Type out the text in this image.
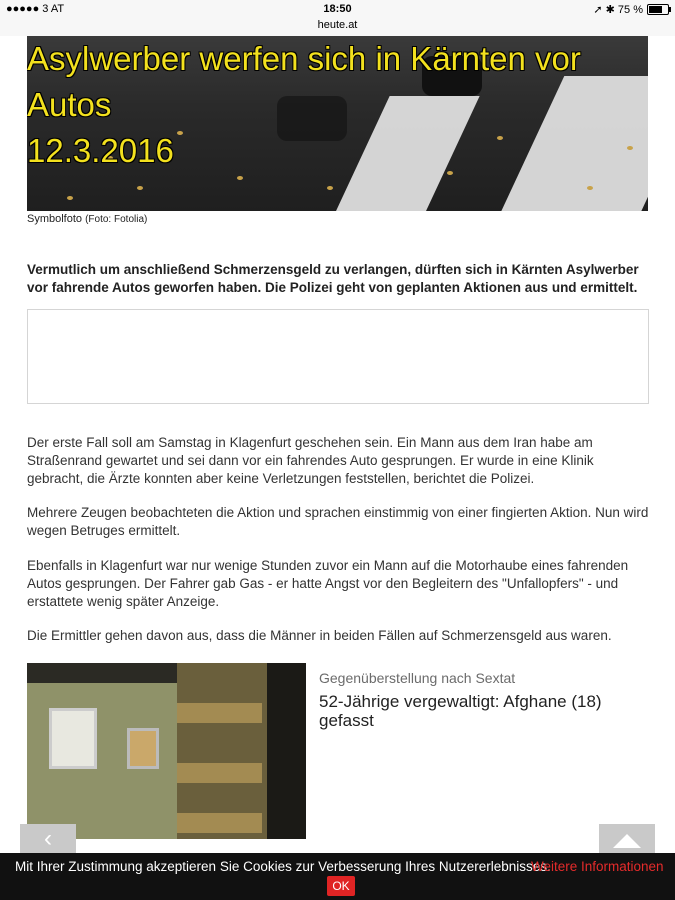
●●●●● 3 AT	18:50
heute.at
➚ ✱ 75 %
Asylwerber werfen sich in Kärnten vor Autos
12.3.2016
Symbolfoto (Foto: Fotolia)

Vermutlich um anschließend Schmerzensgeld zu verlangen, dürften sich in Kärnten Asylwerber vor fahrende Autos geworfen haben. Die Polizei geht von geplanten Aktionen aus und ermittelt.

Der erste Fall soll am Samstag in Klagenfurt geschehen sein. Ein Mann aus dem Iran habe am Straßenrand gewartet und sei dann vor ein fahrendes Auto gesprungen. Er wurde in eine Klinik gebracht, die Ärzte konnten aber keine Verletzungen feststellen, berichtet die Polizei.

Mehrere Zeugen beobachteten die Aktion und sprachen einstimmig von einer fingierten Aktion. Nun wird wegen Betruges ermittelt.

Ebenfalls in Klagenfurt war nur wenige Stunden zuvor ein Mann auf die Motorhaube eines fahrenden Autos gesprungen. Der Fahrer gab Gas - er hatte Angst vor den Begleitern des "Unfallopfers" - und erstattete wenig später Anzeige.

Die Ermittler gehen davon aus, dass die Männer in beiden Fällen auf Schmerzensgeld aus waren.

Gegenüberstellung nach Sextat
52-Jährige vergewaltigt: Afghane (18) gefasst
‹
Mit Ihrer Zustimmung akzeptieren Sie Cookies zur Verbesserung Ihres Nutzererlebnisses.
Weitere Informationen
OK
